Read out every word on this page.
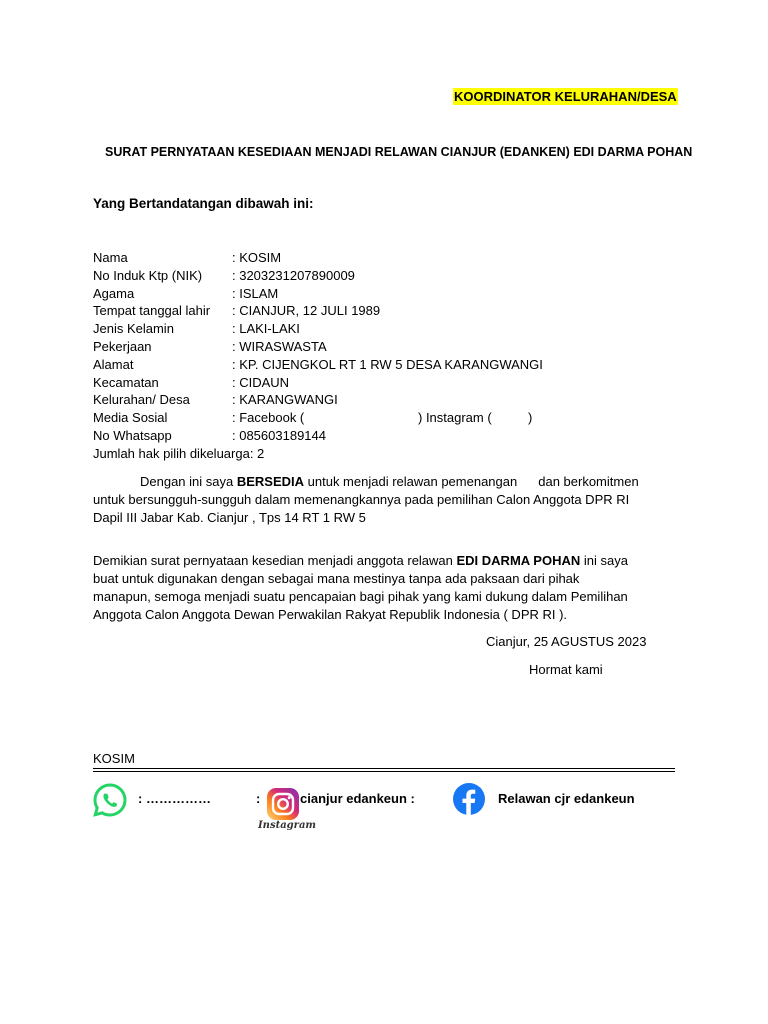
KOORDINATOR KELURAHAN/DESA
SURAT PERNYATAAN KESEDIAAN MENJADI RELAWAN CIANJUR (EDANKEN) EDI DARMA POHAN
Yang Bertandatangan dibawah ini:
Nama	: KOSIM
No Induk Ktp (NIK)	: 3203231207890009
Agama	: ISLAM
Tempat tanggal lahir	: CIANJUR, 12 JULI 1989
Jenis Kelamin	: LAKI-LAKI
Pekerjaan	: WIRASWASTA
Alamat	: KP. CIJENGKOL RT 1 RW 5 DESA KARANGWANGI
Kecamatan	: CIDAUN
Kelurahan/ Desa	: KARANGWANGI
Media Sosial	: Facebook (	) Instagram (	)
No Whatsapp	: 085603189144
Jumlah hak pilih dikeluarga: 2
Dengan ini saya BERSEDIA untuk menjadi relawan pemenangan dan berkomitmen
untuk bersungguh-sungguh dalam memenangkannya pada pemilihan Calon Anggota DPR RI
Dapil III Jabar Kab. Cianjur , Tps 14 RT 1 RW 5
Demikian surat pernyataan kesedian menjadi anggota relawan EDI DARMA POHAN ini saya
buat untuk digunakan dengan sebagai mana mestinya tanpa ada paksaan dari pihak
manapun, semoga menjadi suatu pencapaian bagi pihak yang kami dukung dalam Pemilihan
Anggota Calon Anggota Dewan Perwakilan Rakyat Republik Indonesia ( DPR RI ).
Cianjur, 25 AGUSTUS 2023
Hormat kami
KOSIM
: ……………	:
Instagram
cianjur edankeun :	Relawan cjr edankeun
